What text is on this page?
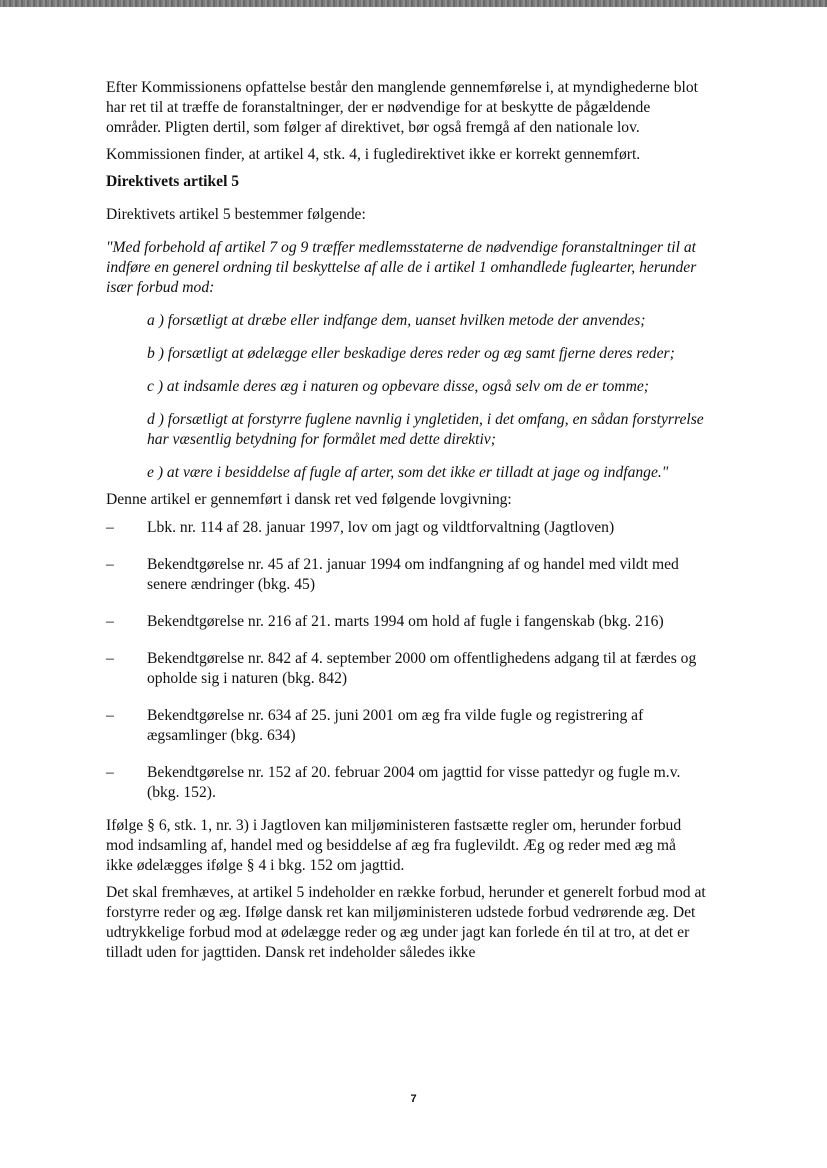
Efter Kommissionens opfattelse består den manglende gennemførelse i, at myndighederne blot har ret til at træffe de foranstaltninger, der er nødvendige for at beskytte de pågældende områder. Pligten dertil, som følger af direktivet, bør også fremgå af den nationale lov.

Kommissionen finder, at artikel 4, stk. 4, i fugledirektivet ikke er korrekt gennemført.

Direktivets artikel 5

Direktivets artikel 5 bestemmer følgende:

"Med forbehold af artikel 7 og 9 træffer medlemsstaterne de nødvendige foranstaltninger til at indføre en generel ordning til beskyttelse af alle de i artikel 1 omhandlede fuglearter, herunder især forbud mod:

a ) forsætligt at dræbe eller indfange dem, uanset hvilken metode der anvendes;

b ) forsætligt at ødelægge eller beskadige deres reder og æg samt fjerne deres reder;

c ) at indsamle deres æg i naturen og opbevare disse, også selv om de er tomme;

d ) forsætligt at forstyrre fuglene navnlig i yngletiden, i det omfang, en sådan forstyrrelse har væsentlig betydning for formålet med dette direktiv;

e ) at være i besiddelse af fugle af arter, som det ikke er tilladt at jage og indfange."

Denne artikel er gennemført i dansk ret ved følgende lovgivning:

– Lbk. nr. 114 af 28. januar 1997, lov om jagt og vildtforvaltning (Jagtloven)
– Bekendtgørelse nr. 45 af 21. januar 1994 om indfangning af og handel med vildt med senere ændringer (bkg. 45)
– Bekendtgørelse nr. 216 af 21. marts 1994 om hold af fugle i fangenskab (bkg. 216)
– Bekendtgørelse nr. 842 af 4. september 2000 om offentlighedens adgang til at færdes og opholde sig i naturen (bkg. 842)
– Bekendtgørelse nr. 634 af 25. juni 2001 om æg fra vilde fugle og registrering af ægsamlinger (bkg. 634)
– Bekendtgørelse nr. 152 af 20. februar 2004 om jagttid for visse pattedyr og fugle m.v. (bkg. 152).

Ifølge § 6, stk. 1, nr. 3) i Jagtloven kan miljøministeren fastsætte regler om, herunder forbud mod indsamling af, handel med og besiddelse af æg fra fuglevildt. Æg og reder med æg må ikke ødelægges ifølge § 4 i bkg. 152 om jagttid.

Det skal fremhæves, at artikel 5 indeholder en række forbud, herunder et generelt forbud mod at forstyrre reder og æg. Ifølge dansk ret kan miljøministeren udstede forbud vedrørende æg. Det udtrykkelige forbud mod at ødelægge reder og æg under jagt kan forlede én til at tro, at det er tilladt uden for jagttiden. Dansk ret indeholder således ikke

7
